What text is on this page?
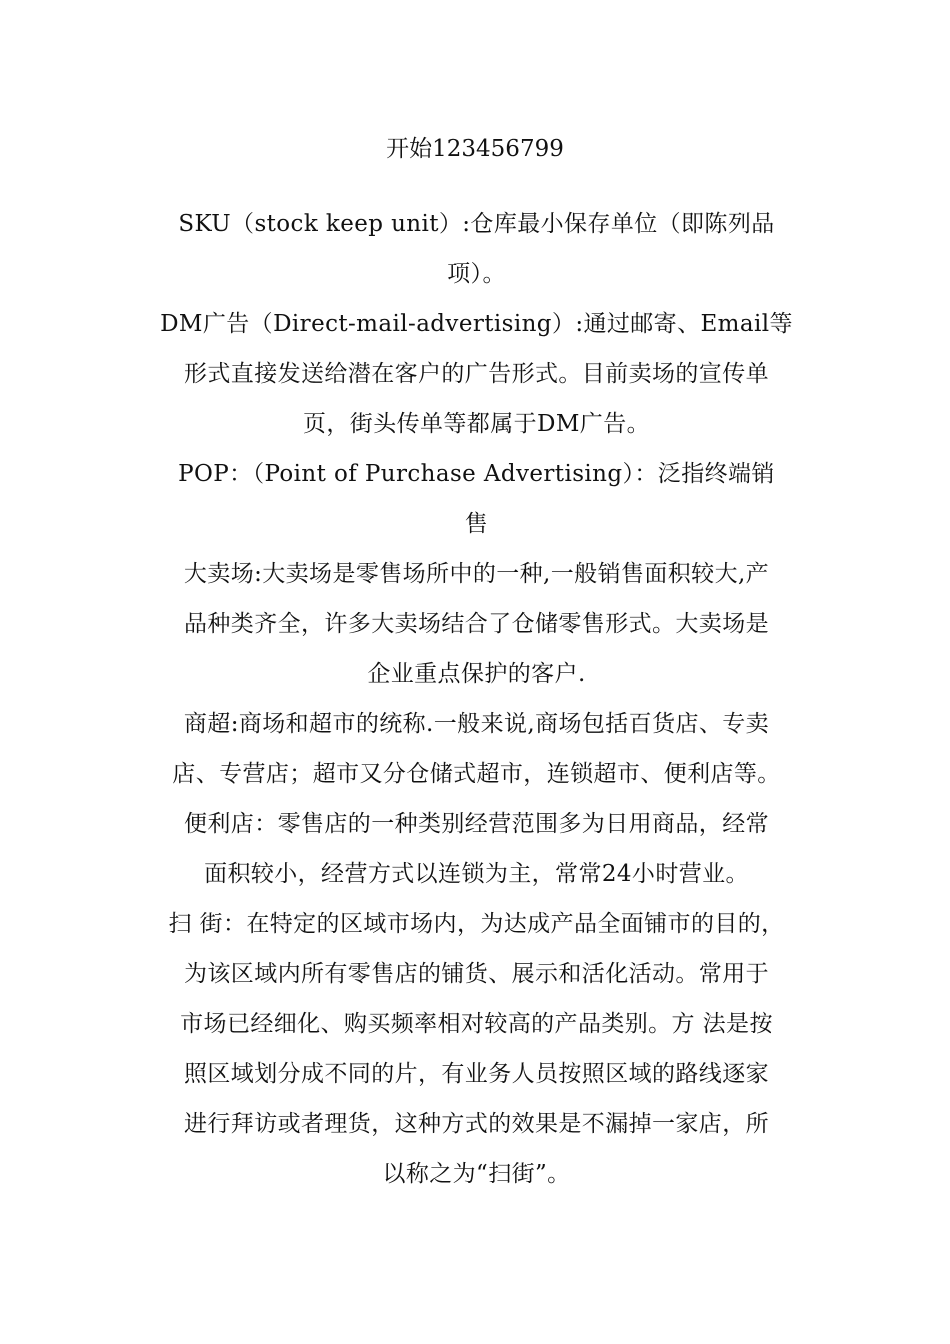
开始123456799
SKU（stock keep unit）:仓库最小保存单位（即陈列品
项）。
DM广告（Direct-mail-advertising）:通过邮寄、Email等
形式直接发送给潜在客户的广告形式。目前卖场的宣传单
页，街头传单等都属于DM广告。
POP：（Point of Purchase Advertising）：泛指终端销
售
大卖场:大卖场是零售场所中的一种,一般销售面积较大,产
品种类齐全，许多大卖场结合了仓储零售形式。大卖场是
企业重点保护的客户.
商超:商场和超市的统称.一般来说,商场包括百货店、专卖
店、专营店；超市又分仓储式超市，连锁超市、便利店等。
便利店：零售店的一种类别经营范围多为日用商品，经常
面积较小，经营方式以连锁为主，常常24小时营业。
扫 街：在特定的区域市场内，为达成产品全面铺市的目的，
为该区域内所有零售店的铺货、展示和活化活动。常用于
市场已经细化、购买频率相对较高的产品类别。方 法是按
照区域划分成不同的片，有业务人员按照区域的路线逐家
进行拜访或者理货，这种方式的效果是不漏掉一家店，所
以称之为“扫街”。
